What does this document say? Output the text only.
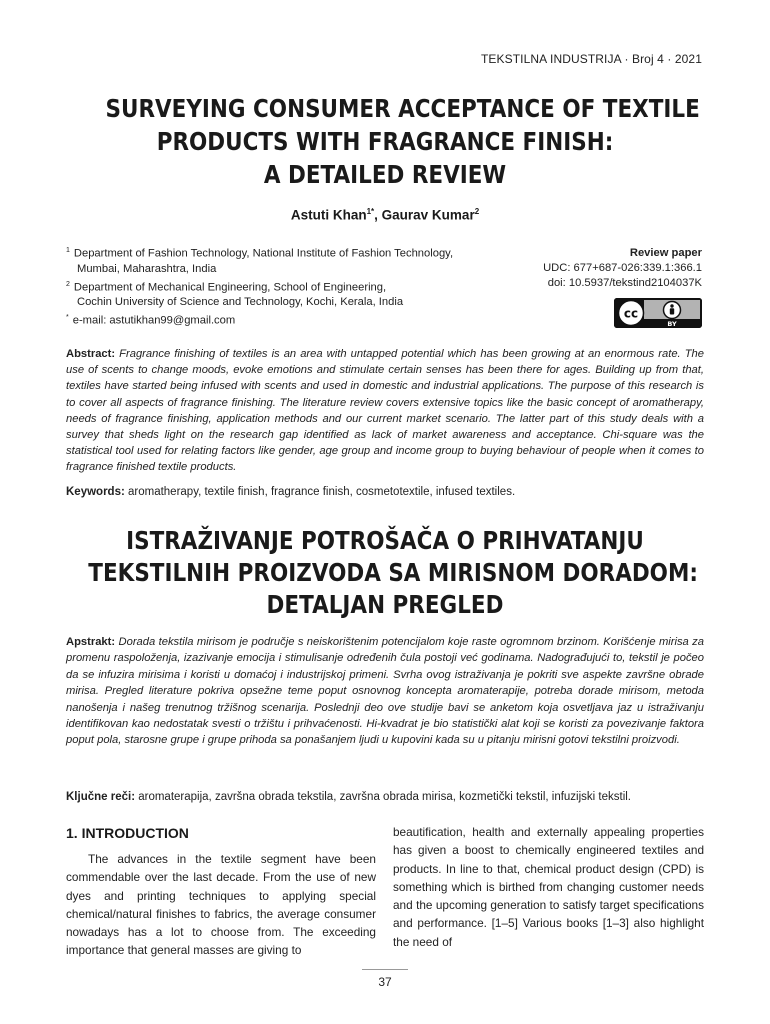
TEKSTILNA INDUSTRIJA · Broj 4 · 2021
SURVEYING CONSUMER ACCEPTANCE OF TEXTILE
PRODUCTS WITH FRAGRANCE FINISH:
A DETAILED REVIEW
Astuti Khan$^{1*}$, Gaurav Kumar$^2$
$^1$ Department of Fashion Technology, National Institute of Fashion Technology,
Mumbai, Maharashtra, India
$^2$ Department of Mechanical Engineering, School of Engineering,
Cochin University of Science and Technology, Kochi, Kerala, India
* e-mail: astutikhan99@gmail.com
Review paper
UDC: 677+687-026:339.1:366.1
doi: 10.5937/tekstind2104037K
cc
BY
Abstract: Fragrance finishing of textiles is an area with untapped potential which has been growing at an enormous rate. The use of scents to change moods, evoke emotions and stimulate certain senses has been there for ages. Building up from that, textiles have started being infused with scents and used in domestic and industrial applications. The purpose of this research is to cover all aspects of fragrance finishing. The literature review covers extensive topics like the basic concept of aromatherapy, needs of fragrance finishing, application methods and our current market scenario. The latter part of this study deals with a survey that sheds light on the research gap identified as lack of market awareness and acceptance. Chi-square was the statistical tool used for relating factors like gender, age group and income group to buying behaviour of people when it comes to fragrance finished textile products.
Keywords: aromatherapy, textile finish, fragrance finish, cosmetotextile, infused textiles.
ISTRAŽIVANJE POTROŠAČA O PRIHVATANJU
TEKSTILNIH PROIZVODA SA MIRISNOM DORADOM:
DETALJAN PREGLED
Apstrakt: Dorada tekstila mirisom je područje s neiskorištenim potencijalom koje raste ogromnom brzinom. Korišćenje mirisa za promenu raspoloženja, izazivanje emocija i stimulisanje određenih čula postoji već godinama. Nadograđujući to, tekstil je počeo da se infuzira mirisima i koristi u domaćoj i industrijskoj primeni. Svrha ovog istraživanja je pokriti sve aspekte završne obrade mirisa. Pregled literature pokriva opsežne teme poput osnovnog koncepta aromaterapije, potreba dorade mirisom, metoda nanošenja i našeg trenutnog tržišnog scenarija. Poslednji deo ove studije bavi se anketom koja osvetljava jaz u istraživanju identifikovan kao nedostatak svesti o tržištu i prihvaćenosti. Hi-kvadrat je bio statistički alat koji se koristi za povezivanje faktora poput pola, starosne grupe i grupe prihoda sa ponašanjem ljudi u kupovini kada su u pitanju mirisni gotovi tekstilni proizvodi.
Ključne reči: aromaterapija, završna obrada tekstila, završna obrada mirisa, kozmetički tekstil, infuzijski tekstil.
1. INTRODUCTION

The advances in the textile segment have been commendable over the last decade. From the use of new dyes and printing techniques to applying special chemical/natural finishes to fabrics, the average consumer nowadays has a lot to choose from. The exceeding importance that general masses are giving to

beautification, health and externally appealing properties has given a boost to chemically engineered textiles and products. In line to that, chemical product design (CPD) is something which is birthed from changing customer needs and the upcoming generation to satisfy target specifications and performance. [1–5] Various books [1–3] also highlight the need of

37
